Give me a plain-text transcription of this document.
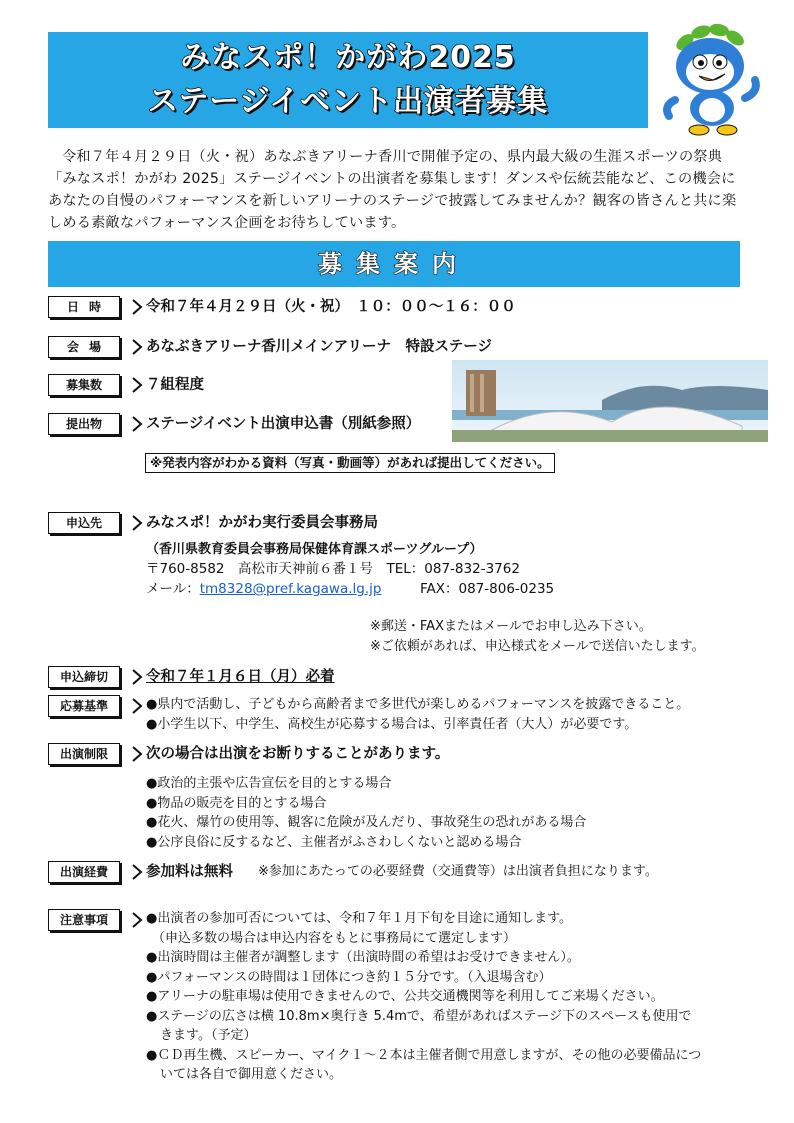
みなスポ！かがわ2025
ステージイベント出演者募集
令和７年４月２９日（火・祝）あなぶきアリーナ香川で開催予定の、県内最大級の生涯スポーツの祭典「みなスポ！かがわ 2025」ステージイベントの出演者を募集します！ダンスや伝統芸能など、この機会にあなたの自慢のパフォーマンスを新しいアリーナのステージで披露してみませんか？観客の皆さんと共に楽しめる素敵なパフォーマンス企画をお待ちしています。
募集案内
日時	令和７年４月２９日（火・祝）　１０：００〜１６：００
会場	あなぶきアリーナ香川メインアリーナ　特設ステージ
募集数	７組程度
提出物	ステージイベント出演申込書（別紙参照）
※発表内容がわかる資料（写真・動画等）があれば提出してください。
申込先	みなスポ！かがわ実行委員会事務局
（香川県教育委員会事務局保健体育課スポーツグループ）
〒760-8582　高松市天神前６番１号　TEL：087-832-3762
メール：tm8328@pref.kagawa.lg.jp	FAX：087-806-0235
※郵送・FAXまたはメールでお申し込み下さい。
※ご依頼があれば、申込様式をメールで送信いたします。
申込締切	令和７年１月６日（月）必着
応募基準	●県内で活動し、子どもから高齢者まで多世代が楽しめるパフォーマンスを披露できること。
●小学生以下、中学生、高校生が応募する場合は、引率責任者（大人）が必要です。
出演制限	次の場合は出演をお断りすることがあります。
●政治的主張や広告宣伝を目的とする場合
●物品の販売を目的とする場合
●花火、爆竹の使用等、観客に危険が及んだり、事故発生の恐れがある場合
●公序良俗に反するなど、主催者がふさわしくないと認める場合
出演経費	参加料は無料 ※参加にあたっての必要経費（交通費等）は出演者負担になります。
注意事項	●出演者の参加可否については、令和７年１月下旬を目途に通知します。
（申込多数の場合は申込内容をもとに事務局にて選定します）
●出演時間は主催者が調整します（出演時間の希望はお受けできません）。
●パフォーマンスの時間は１団体につき約１５分です。（入退場含む）
●アリーナの駐車場は使用できませんので、公共交通機関等を利用してご来場ください。
●ステージの広さは横 10.8m×奥行き 5.4mで、希望があればステージ下のスペースも使用で
きます。（予定）
●ＣＤ再生機、スピーカー、マイク１〜２本は主催者側で用意しますが、その他の必要備品につ
いては各自で御用意ください。
